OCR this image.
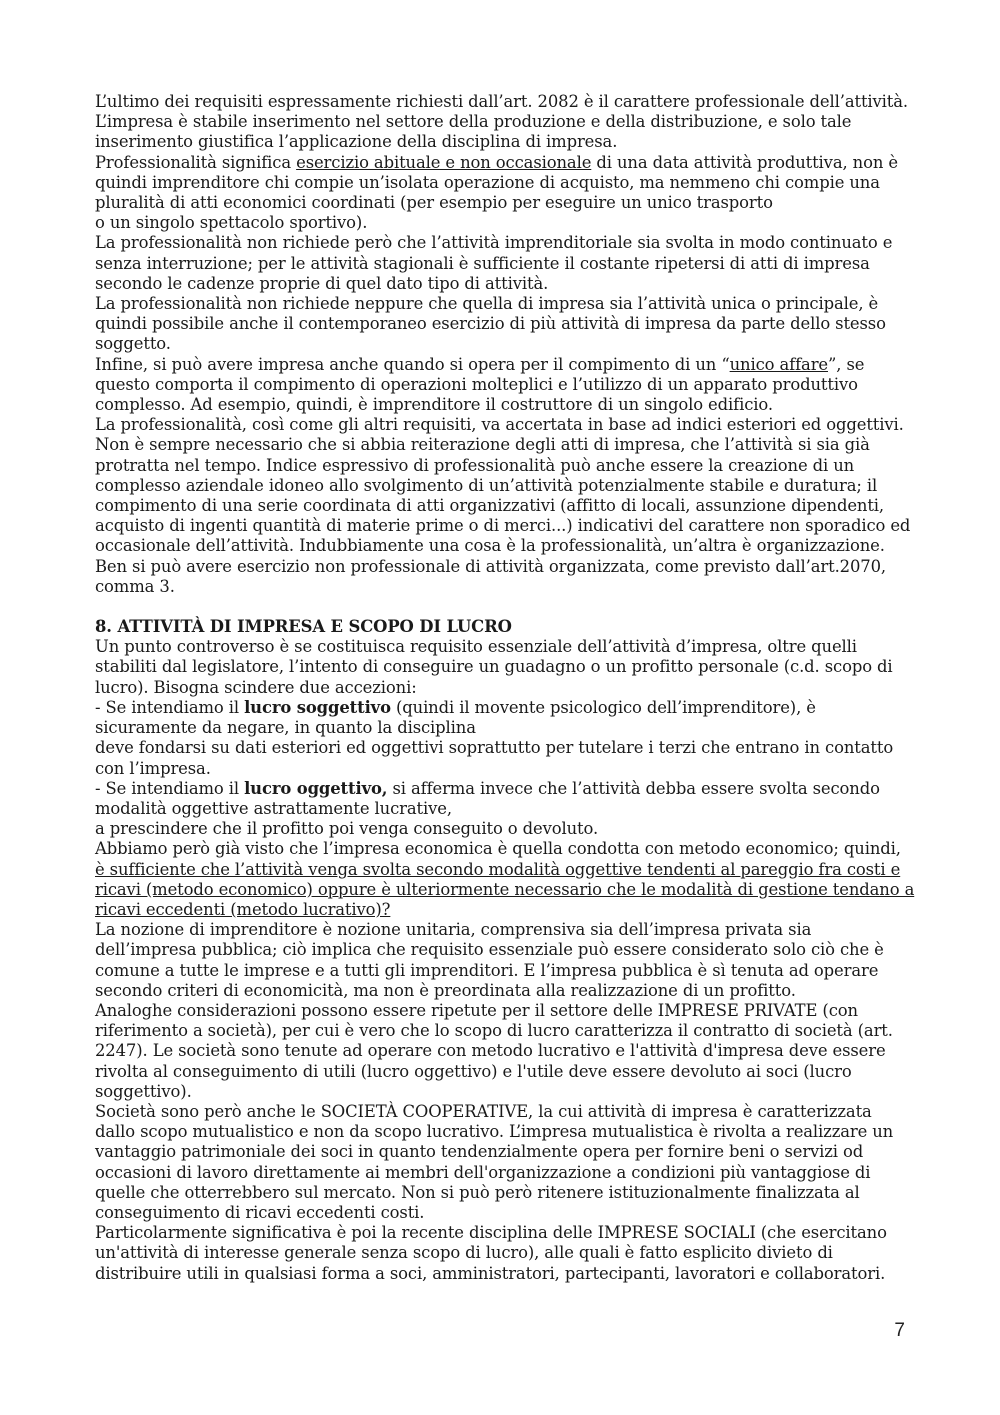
L’ultimo dei requisiti espressamente richiesti dall’art. 2082 è il carattere professionale dell’attività.
L’impresa è stabile inserimento nel settore della produzione e della distribuzione, e solo tale
inserimento giustifica l’applicazione della disciplina di impresa.
Professionalità significa esercizio abituale e non occasionale di una data attività produttiva, non è
quindi imprenditore chi compie un’isolata operazione di acquisto, ma nemmeno chi compie una
pluralità di atti economici coordinati (per esempio per eseguire un unico trasporto
o un singolo spettacolo sportivo).
La professionalità non richiede però che l’attività imprenditoriale sia svolta in modo continuato e
senza interruzione; per le attività stagionali è sufficiente il costante ripetersi di atti di impresa
secondo le cadenze proprie di quel dato tipo di attività.
La professionalità non richiede neppure che quella di impresa sia l’attività unica o principale, è
quindi possibile anche il contemporaneo esercizio di più attività di impresa da parte dello stesso
soggetto.
Infine, si può avere impresa anche quando si opera per il compimento di un “unico affare”, se
questo comporta il compimento di operazioni molteplici e l’utilizzo di un apparato produttivo
complesso. Ad esempio, quindi, è imprenditore il costruttore di un singolo edificio.
La professionalità, così come gli altri requisiti, va accertata in base ad indici esteriori ed oggettivi.
Non è sempre necessario che si abbia reiterazione degli atti di impresa, che l’attività si sia già
protratta nel tempo. Indice espressivo di professionalità può anche essere la creazione di un
complesso aziendale idoneo allo svolgimento di un’attività potenzialmente stabile e duratura; il
compimento di una serie coordinata di atti organizzativi (affitto di locali, assunzione dipendenti,
acquisto di ingenti quantità di materie prime o di merci...) indicativi del carattere non sporadico ed
occasionale dell’attività. Indubbiamente una cosa è la professionalità, un’altra è organizzazione.
Ben si può avere esercizio non professionale di attività organizzata, come previsto dall’art.2070,
comma 3.
8. ATTIVITÀ DI IMPRESA E SCOPO DI LUCRO
Un punto controverso è se costituisca requisito essenziale dell’attività d’impresa, oltre quelli
stabiliti dal legislatore, l’intento di conseguire un guadagno o un profitto personale (c.d. scopo di
lucro). Bisogna scindere due accezioni:
- Se intendiamo il lucro soggettivo (quindi il movente psicologico dell’imprenditore), è
sicuramente da negare, in quanto la disciplina
deve fondarsi su dati esteriori ed oggettivi soprattutto per tutelare i terzi che entrano in contatto
con l’impresa.
- Se intendiamo il lucro oggettivo, si afferma invece che l’attività debba essere svolta secondo
modalità oggettive astrattamente lucrative,
a prescindere che il profitto poi venga conseguito o devoluto.
Abbiamo però già visto che l’impresa economica è quella condotta con metodo economico; quindi,
è sufficiente che l’attività venga svolta secondo modalità oggettive tendenti al pareggio fra costi e
ricavi (metodo economico) oppure è ulteriormente necessario che le modalità di gestione tendano a
ricavi eccedenti (metodo lucrativo)?
La nozione di imprenditore è nozione unitaria, comprensiva sia dell’impresa privata sia
dell’impresa pubblica; ciò implica che requisito essenziale può essere considerato solo ciò che è
comune a tutte le imprese e a tutti gli imprenditori. E l’impresa pubblica è sì tenuta ad operare
secondo criteri di economicità, ma non è preordinata alla realizzazione di un profitto.
Analoghe considerazioni possono essere ripetute per il settore delle IMPRESE PRIVATE (con
riferimento a società), per cui è vero che lo scopo di lucro caratterizza il contratto di società (art.
2247). Le società sono tenute ad operare con metodo lucrativo e l'attività d'impresa deve essere
rivolta al conseguimento di utili (lucro oggettivo) e l'utile deve essere devoluto ai soci (lucro
soggettivo).
Società sono però anche le SOCIETÀ COOPERATIVE, la cui attività di impresa è caratterizzata
dallo scopo mutualistico e non da scopo lucrativo. L’impresa mutualistica è rivolta a realizzare un
vantaggio patrimoniale dei soci in quanto tendenzialmente opera per fornire beni o servizi od
occasioni di lavoro direttamente ai membri dell'organizzazione a condizioni più vantaggiose di
quelle che otterrebbero sul mercato. Non si può però ritenere istituzionalmente finalizzata al
conseguimento di ricavi eccedenti costi.
Particolarmente significativa è poi la recente disciplina delle IMPRESE SOCIALI (che esercitano
un'attività di interesse generale senza scopo di lucro), alle quali è fatto esplicito divieto di
distribuire utili in qualsiasi forma a soci, amministratori, partecipanti, lavoratori e collaboratori.
7
